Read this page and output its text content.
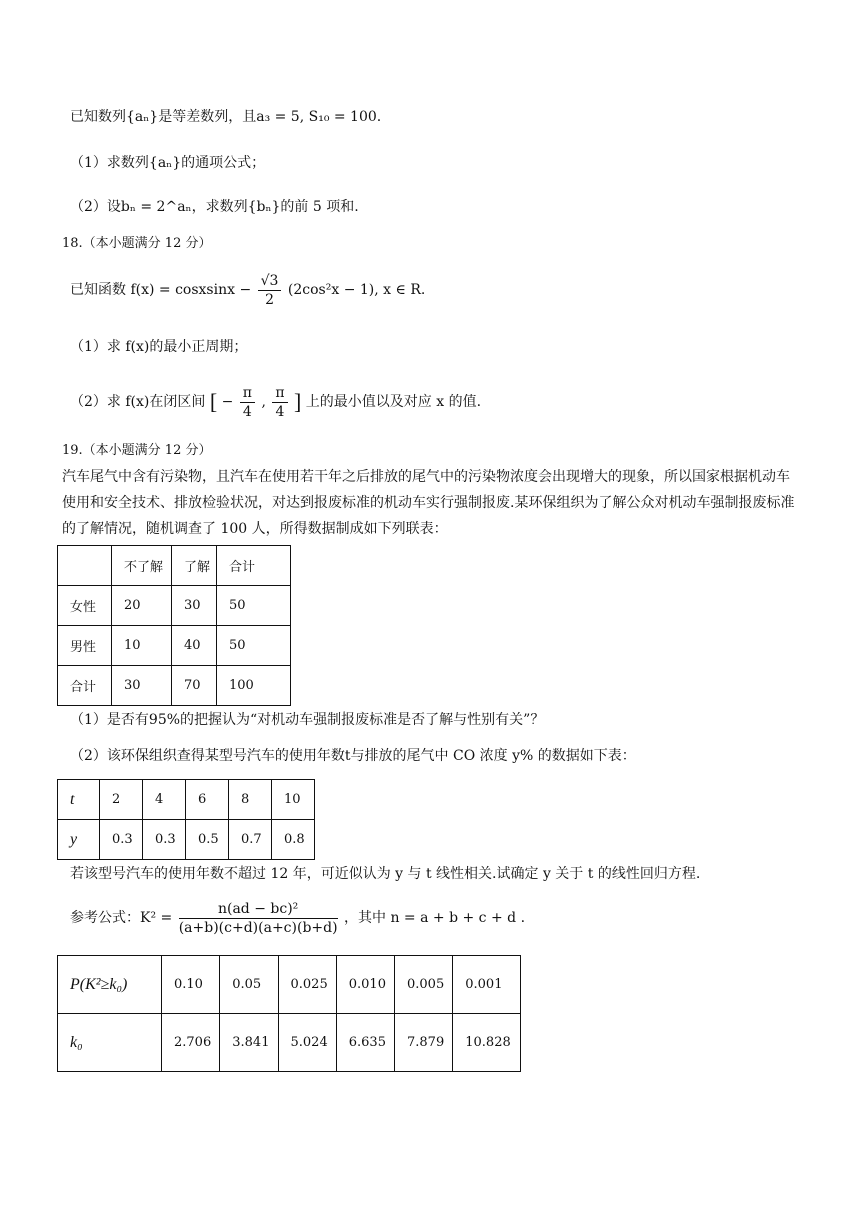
已知数列{aₙ}是等差数列，且a₃ = 5, S₁₀ = 100.
（1）求数列{aₙ}的通项公式；
（2）设bₙ = 2^aₙ，求数列{bₙ}的前 5 项和.
18.（本小题满分 12 分）
已知函数 f(x) = cosxsinx − $\frac{√3}{2} (2\cos^2x - 1)$, x ∈ R.
（1）求 f(x)的最小正周期；
（2）求 f(x)在闭区间 [ − $\frac{\pi}{4}$ , $\frac{\pi}{4}$ ] 上的最小值以及对应 x 的值.
19.（本小题满分 12 分）
汽车尾气中含有污染物，且汽车在使用若干年之后排放的尾气中的污染物浓度会出现增大的现象，所以国家根据机动车使用和安全技术、排放检验状况，对达到报废标准的机动车实行强制报废.某环保组织为了解公众对机动车强制报废标准的了解情况，随机调查了 100 人，所得数据制成如下列联表：
	不了解	了解	合计
女性	20	30	50
男性	10	40	50
合计	30	70	100
（1）是否有95%的把握认为“对机动车强制报废标准是否了解与性别有关”？
（2）该环保组织查得某型号汽车的使用年数t与排放的尾气中 CO 浓度 y% 的数据如下表：
t	2	4	6	8	10
y	0.3	0.3	0.5	0.7	0.8
若该型号汽车的使用年数不超过 12 年，可近似认为 y 与 t 线性相关.试确定 y 关于 t 的线性回归方程.
参考公式：$K^2 = \frac{\text{n(ad − bc)²}}{(a+b)(c+d)(a+c)(b+d)}$ ，其中 n = a + b + c + d .
P(K²≥k₀)	0.10	0.05	0.025	0.010	0.005	0.001
k₀	2.706	3.841	5.024	6.635	7.879	10.828
